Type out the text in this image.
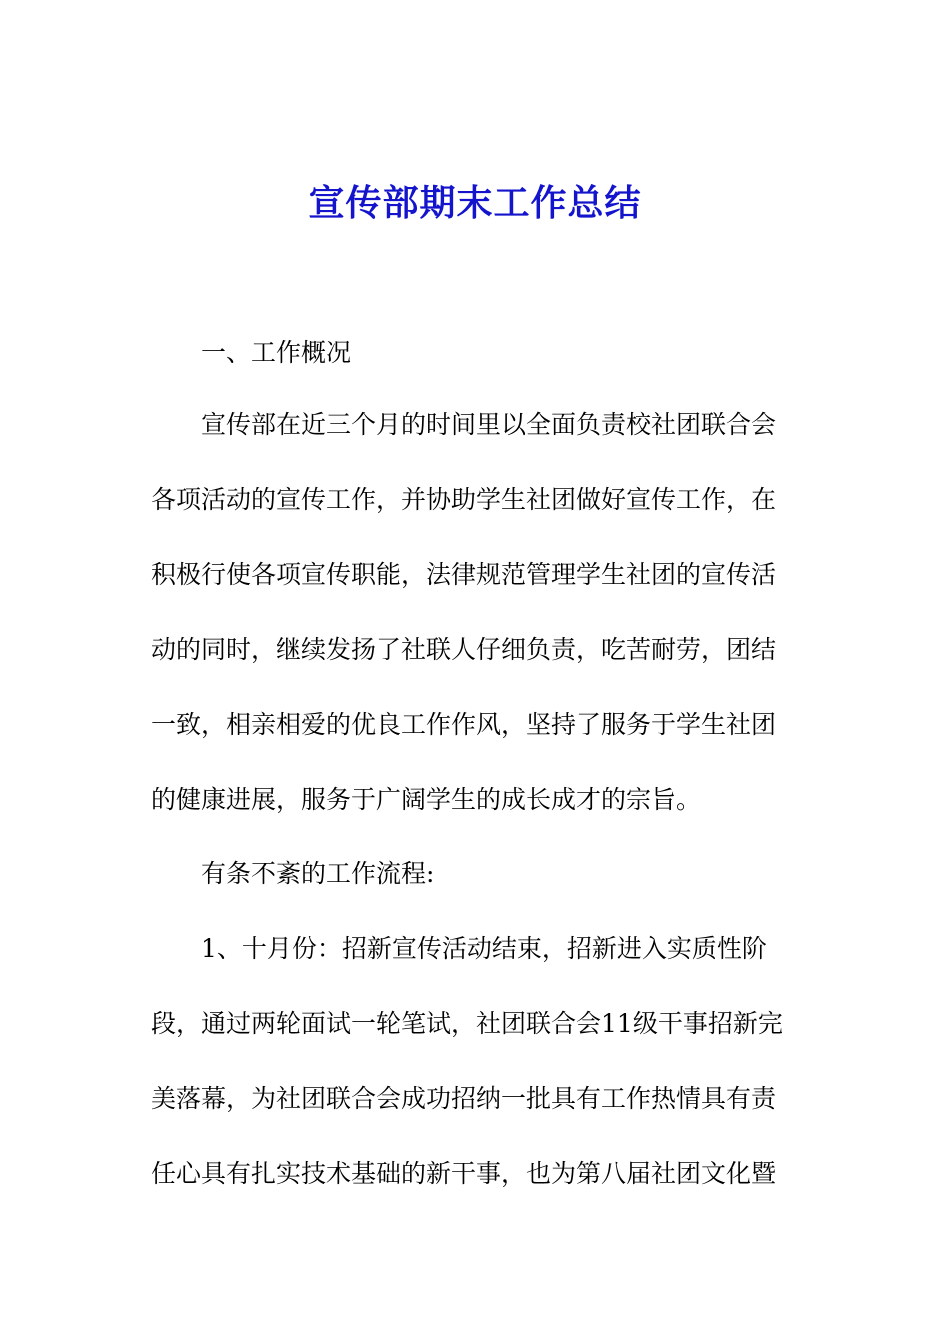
宣传部期末工作总结

一、工作概况

宣传部在近三个月的时间里以全面负责校社团联合会

各项活动的宣传工作，并协助学生社团做好宣传工作，在

积极行使各项宣传职能，法律规范管理学生社团的宣传活

动的同时，继续发扬了社联人仔细负责，吃苦耐劳，团结

一致，相亲相爱的优良工作作风，坚持了服务于学生社团

的健康进展，服务于广阔学生的成长成才的宗旨。

有条不紊的工作流程:

1、十月份：招新宣传活动结束，招新进入实质性阶

段，通过两轮面试一轮笔试，社团联合会11级干事招新完

美落幕，为社团联合会成功招纳一批具有工作热情具有责

任心具有扎实技术基础的新干事，也为第八届社团文化暨
